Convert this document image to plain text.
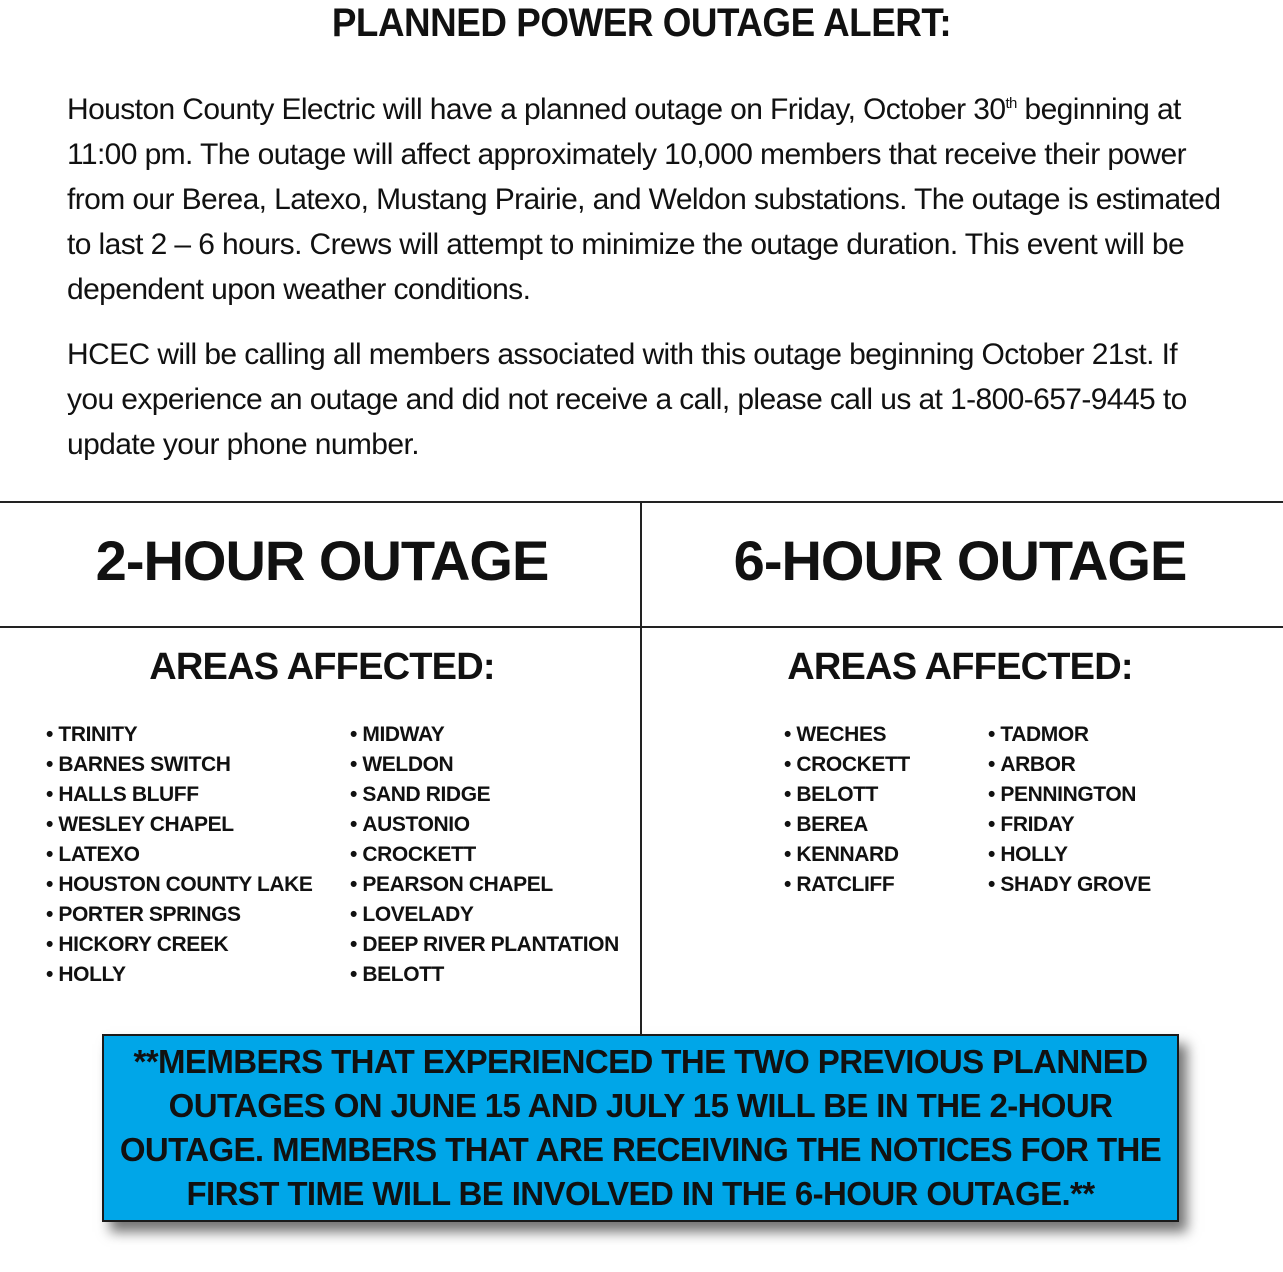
PLANNED POWER OUTAGE ALERT:

Houston County Electric will have a planned outage on Friday, October 30th beginning at 11:00 pm. The outage will affect approximately 10,000 members that receive their power from our Berea, Latexo, Mustang Prairie, and Weldon substations. The outage is estimated to last 2 – 6 hours. Crews will attempt to minimize the outage duration. This event will be dependent upon weather conditions.

HCEC will be calling all members associated with this outage beginning October 21st. If you experience an outage and did not receive a call, please call us at 1-800-657-9445 to update your phone number.

2-HOUR OUTAGE	6-HOUR OUTAGE
AREAS AFFECTED:	AREAS AFFECTED:
• TRINITY
• BARNES SWITCH
• HALLS BLUFF
• WESLEY CHAPEL
• LATEXO
• HOUSTON COUNTY LAKE
• PORTER SPRINGS
• HICKORY CREEK
• HOLLY
• MIDWAY
• WELDON
• SAND RIDGE
• AUSTONIO
• CROCKETT
• PEARSON CHAPEL
• LOVELADY
• DEEP RIVER PLANTATION
• BELOTT
• WECHES
• CROCKETT
• BELOTT
• BEREA
• KENNARD
• RATCLIFF
• TADMOR
• ARBOR
• PENNINGTON
• FRIDAY
• HOLLY
• SHADY GROVE
**MEMBERS THAT EXPERIENCED THE TWO PREVIOUS PLANNED OUTAGES ON JUNE 15 AND JULY 15 WILL BE IN THE 2-HOUR OUTAGE. MEMBERS THAT ARE RECEIVING THE NOTICES FOR THE FIRST TIME WILL BE INVOLVED IN THE 6-HOUR OUTAGE.**
